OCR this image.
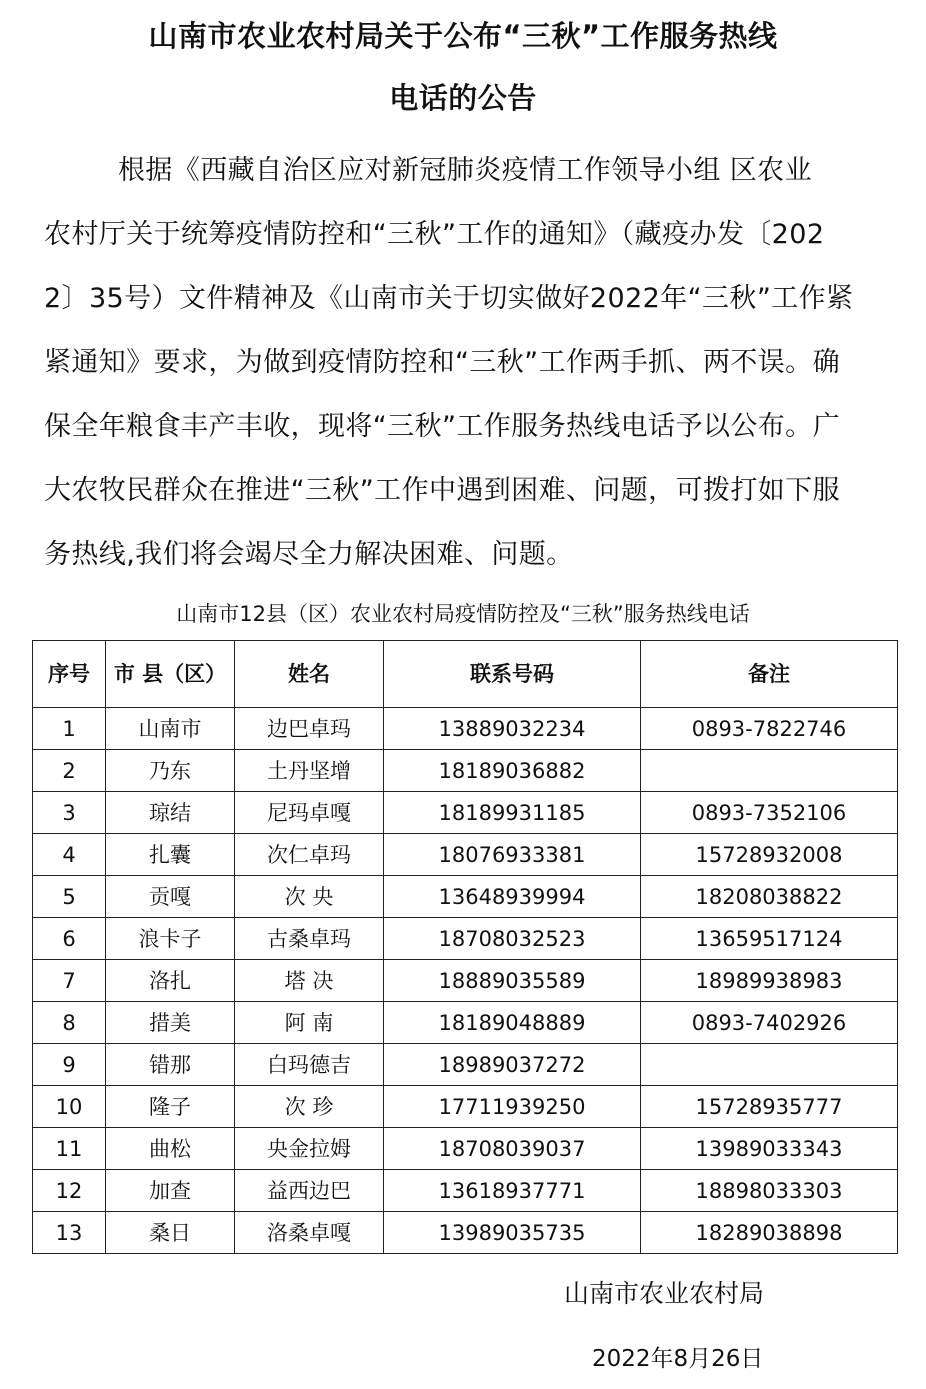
山南市农业农村局关于公布“三秋”工作服务热线
电话的公告
根据《西藏自治区应对新冠肺炎疫情工作领导小组 区农业
农村厅关于统筹疫情防控和“三秋”工作的通知》（藏疫办发〔202
2〕35号）文件精神及《山南市关于切实做好2022年“三秋”工作紧
紧通知》要求，为做到疫情防控和“三秋”工作两手抓、两不误。确
保全年粮食丰产丰收，现将“三秋”工作服务热线电话予以公布。广
大农牧民群众在推进“三秋”工作中遇到困难、问题，可拨打如下服
务热线,我们将会竭尽全力解决困难、问题。
山南市12县（区）农业农村局疫情防控及“三秋”服务热线电话
序号	市 县（区）	姓名	联系号码	备注
1	山南市	边巴卓玛	13889032234	0893-7822746
2	乃东	土丹坚增	18189036882	
3	琼结	尼玛卓嘎	18189931185	0893-7352106
4	扎囊	次仁卓玛	18076933381	15728932008
5	贡嘎	次 央	13648939994	18208038822
6	浪卡子	古桑卓玛	18708032523	13659517124
7	洛扎	塔 决	18889035589	18989938983
8	措美	阿 南	18189048889	0893-7402926
9	错那	白玛德吉	18989037272	
10	隆子	次 珍	17711939250	15728935777
11	曲松	央金拉姆	18708039037	13989033343
12	加查	益西边巴	13618937771	18898033303
13	桑日	洛桑卓嘎	13989035735	18289038898
山南市农业农村局
2022年8月26日
